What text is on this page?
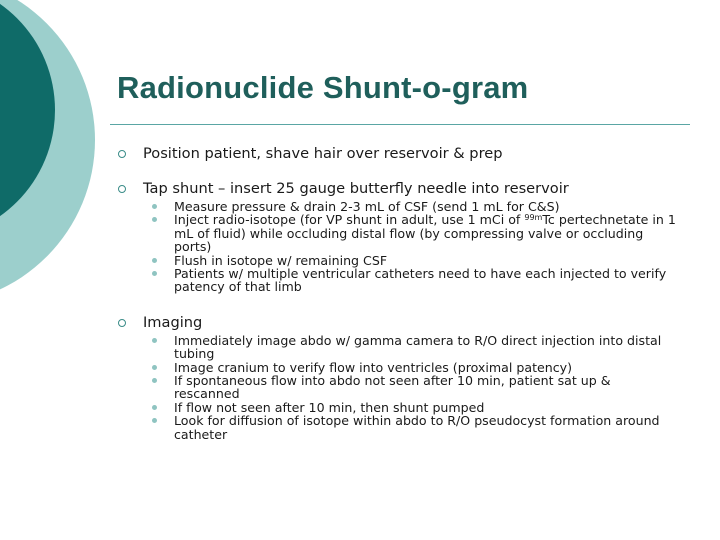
Radionuclide Shunt-o-gram
Position patient, shave hair over reservoir & prep
Tap shunt – insert 25 gauge butterfly needle into reservoir
Measure pressure & drain 2-3 mL of CSF (send 1 mL for C&S)
Inject radio-isotope (for VP shunt in adult, use 1 mCi of $^{99m}$Tc pertechnetate in 1 mL of fluid) while occluding distal flow (by compressing valve or occluding ports)
Flush in isotope w/ remaining CSF
Patients w/ multiple ventricular catheters need to have each injected to verify patency of that limb
Imaging
Immediately image abdo w/ gamma camera to R/O direct injection into distal tubing
Image cranium to verify flow into ventricles (proximal patency)
If spontaneous flow into abdo not seen after 10 min, patient sat up & rescanned
If flow not seen after 10 min, then shunt pumped
Look for diffusion of isotope within abdo to R/O pseudocyst formation around catheter
